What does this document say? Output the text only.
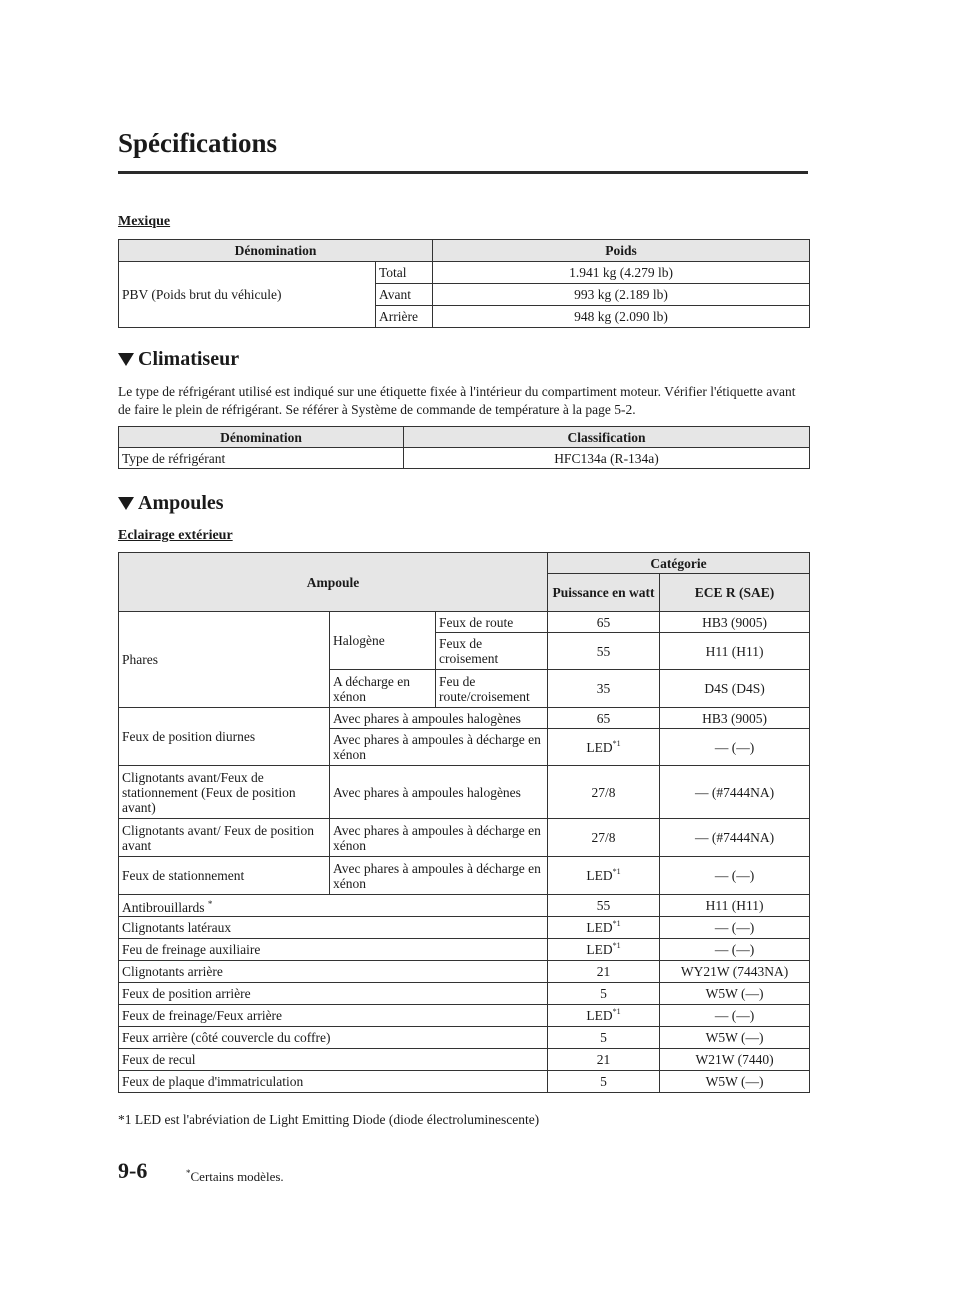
Spécifications
Mexique
Dénomination		Poids
PBV (Poids brut du véhicule)	Total	1.941 kg (4.279 lb)
	Avant	993 kg (2.189 lb)
	Arrière	948 kg (2.090 lb)
Climatiseur
Le type de réfrigérant utilisé est indiqué sur une étiquette fixée à l'intérieur du compartiment moteur. Vérifier l'étiquette avant de faire le plein de réfrigérant. Se référer à Système de commande de température à la page 5-2.
Dénomination	Classification
Type de réfrigérant	HFC134a (R-134a)
Ampoules
Eclairage extérieur
Ampoule			Catégorie	
			Puissance en watt	ECE R (SAE)
Phares	Halogène	Feux de route	65	HB3 (9005)
		Feux de croisement	55	H11 (H11)
	A décharge en xénon	Feu de route/croisement	35	D4S (D4S)
Feux de position diurnes	Avec phares à ampoules halogènes		65	HB3 (9005)
	Avec phares à ampoules à décharge en xénon		LED$^{*1}$	— (—)
Clignotants avant/Feux de stationnement (Feux de position avant)	Avec phares à ampoules halogènes		27/8	— (#7444NA)
Clignotants avant/ Feux de position avant	Avec phares à ampoules à décharge en xénon		27/8	— (#7444NA)
Feux de stationnement	Avec phares à ampoules à décharge en xénon		LED$^{*1}$	— (—)
Antibrouillards *			55	H11 (H11)
Clignotants latéraux			LED$^{*1}$	— (—)
Feu de freinage auxiliaire			LED$^{*1}$	— (—)
Clignotants arrière			21	WY21W (7443NA)
Feux de position arrière			5	W5W (—)
Feux de freinage/Feux arrière			LED$^{*1}$	— (—)
Feux arrière (côté couvercle du coffre)			5	W5W (—)
Feux de recul			21	W21W (7440)
Feux de plaque d'immatriculation			5	W5W (—)
*1 LED est l'abréviation de Light Emitting Diode (diode électroluminescente)
9-6	*Certains modèles.
